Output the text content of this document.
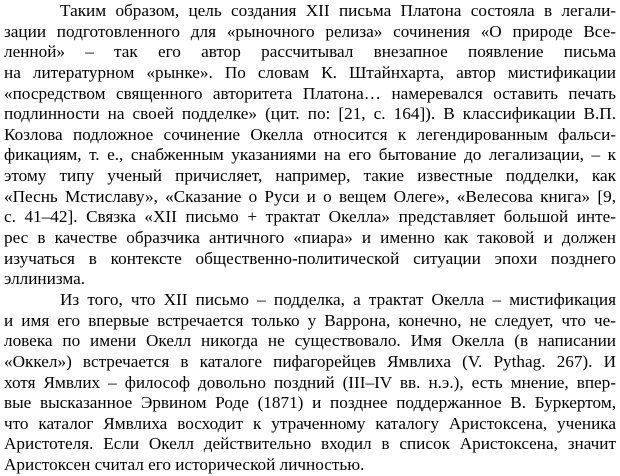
Таким образом, цель создания XII письма Платона состояла в легали-
зации подготовленного для «рыночного релиза» сочинения «О природе Все-
ленной» – так его автор рассчитывал внезапное появление письма
на литературном «рынке». По словам К. Штайнхарта, автор мистификации
«посредством священного авторитета Платона… намеревался оставить печать
подлинности на своей подделке» (цит. по: [21, c. 164]). В классификации В.П.
Козлова подложное сочинение Окелла относится к легендированным фальси-
фикациям, т. е., снабженным указаниями на его бытование до легализации, – к
этому типу ученый причисляет, например, такие известные подделки, как
«Песнь Мстиславу», «Сказание о Руси и о вещем Олеге», «Велесова книга» [9,
c. 41–42]. Связка «XII письмо + трактат Окелла» представляет большой инте-
рес в качестве образчика античного «пиара» и именно как таковой и должен
изучаться в контексте общественно-политической ситуации эпохи позднего
эллинизма.
Из того, что XII письмо – подделка, а трактат Окелла – мистификация
и имя его впервые встречается только у Варрона, конечно, не следует, что че-
ловека по имени Окелл никогда не существовало. Имя Окелла (в написании
«Оккел») встречается в каталоге пифагорейцев Ямвлиха (V. Pythag. 267). И
хотя Ямвлих – философ довольно поздний (III–IV вв. н.э.), есть мнение, впер-
вые высказанное Эрвином Роде (1871) и позднее поддержанное В. Буркертом,
что каталог Ямвлиха восходит к утраченному каталогу Аристоксена, ученика
Аристотеля. Если Окелл действительно входил в список Аристоксена, значит
Аристоксен считал его исторической личностью.
